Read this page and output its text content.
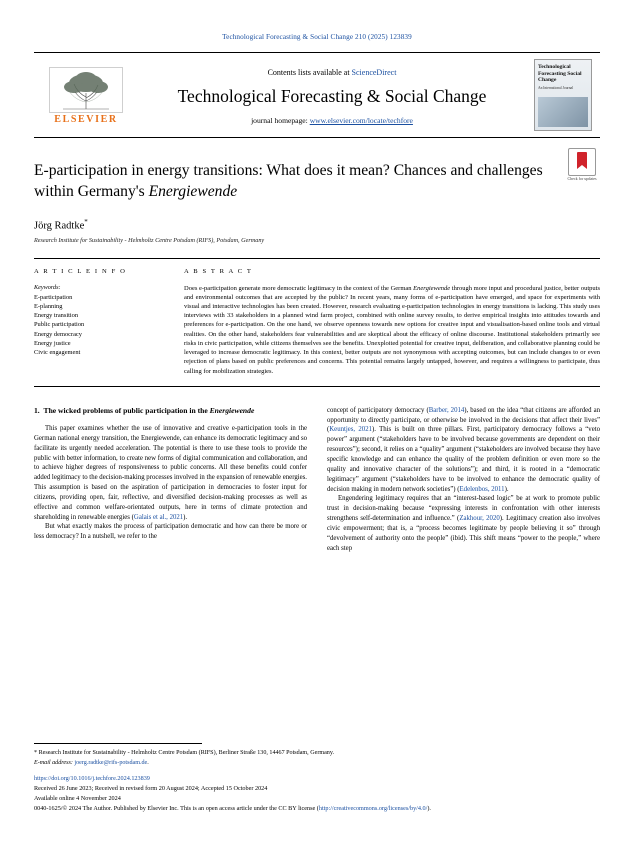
Technological Forecasting & Social Change 210 (2025) 123839
ELSEVIER
Contents lists available at ScienceDirect
Technological Forecasting & Social Change
journal homepage: www.elsevier.com/locate/techfore
Technological Forecasting Social Change
An International Journal
Check for updates
E-participation in energy transitions: What does it mean? Chances and challenges within Germany's Energiewende
Jörg Radtke*
Research Institute for Sustainability - Helmholtz Centre Potsdam (RIFS), Potsdam, Germany
A R T I C L E I N F O
Keywords:
E-participation
E-planning
Energy transition
Public participation
Energy democracy
Energy justice
Civic engagement
A B S T R A C T
Does e-participation generate more democratic legitimacy in the context of the German Energiewende through more input and procedural justice, better outputs and environmental outcomes that are accepted by the public? In recent years, many forms of e-participation have emerged, and space for experiments with visual and interactive technologies has been created. However, research evaluating e-participation technologies in energy transitions is lacking. This study uses interviews with 33 stakeholders in a planned wind farm project, combined with online survey results, to derive empirical insights into attitudes towards and preferences for e-participation. On the one hand, we observe openness towards new options for creative input and visualisation-based online tools and virtual realities. On the other hand, stakeholders fear vulnerabilities and are skeptical about the efficacy of online discourse. Institutional stakeholders primarily see risks in civic participation, while citizens themselves see the benefits. Unexploited potential for creative input, deliberation, and collaborative planning could be leveraged to increase democratic legitimacy. In this context, better outputs are not synonymous with accepting outcomes, but can include changes to or even rejection of plans based on public preferences and concerns. This potential remains largely untapped, however, and requires a willingness to participate, thus calling for mobilization strategies.
1. The wicked problems of public participation in the Energiewende

This paper examines whether the use of innovative and creative e-participation tools in the German national energy transition, the Energiewende, can enhance its democratic legitimacy and so facilitate its urgently needed acceleration. The potential is there to use these tools to provide the public with better information, to create new forms of digital communication and collaboration, and to achieve higher degrees of responsiveness to public concerns. All these benefits could confer added legitimacy to the decision-making processes involved in the expansion of renewable energies. This assumption is based on the aspiration of participation in democracies to foster input for citizens, providing open, fair, reflective, and diversified decision-making processes as well as effective and common welfare-orientated outputs, here in terms of climate protection and shareholding in renewable energies (Galais et al., 2021).

But what exactly makes the process of participation democratic and how can there be more or less democracy? In a nutshell, we refer to the

concept of participatory democracy (Barber, 2014), based on the idea “that citizens are afforded an opportunity to directly participate, or otherwise be involved in the decisions that affect their lives” (Keuntjes, 2021). This is built on three pillars. First, participatory democracy follows a “veto power” argument (“stakeholders have to be involved because governments are dependent on their resources”); second, it relies on a “quality” argument (“stakeholders are involved because they have specific knowledge and can enhance the quality of the problem definition or even more so the quality and innovative character of the solutions”); and third, it is rooted in a “democratic legitimacy” argument (“stakeholders have to be involved to enhance the democratic quality of decision making in modern network societies”) (Edelenbos, 2011).

Engendering legitimacy requires that an “interest-based logic” be at work to promote public trust in decision-making because “expressing interests in confrontation with other interests strengthens self-determination and influence.” (Zakhour, 2020). Legitimacy creation also involves civic empowerment; that is, a “process becomes legitimate by people believing it so” through “devolvement of authority onto the people” (ibid). This shift means “power to the people,” where each step

* Research Institute for Sustainability - Helmholtz Centre Potsdam (RIFS), Berliner Straße 130, 14467 Potsdam, Germany.
E-mail address: joerg.radtke@rifs-potsdam.de.
https://doi.org/10.1016/j.techfore.2024.123839
Received 26 June 2023; Received in revised form 20 August 2024; Accepted 15 October 2024
Available online 4 November 2024
0040-1625/© 2024 The Author. Published by Elsevier Inc. This is an open access article under the CC BY license (http://creativecommons.org/licenses/by/4.0/).
